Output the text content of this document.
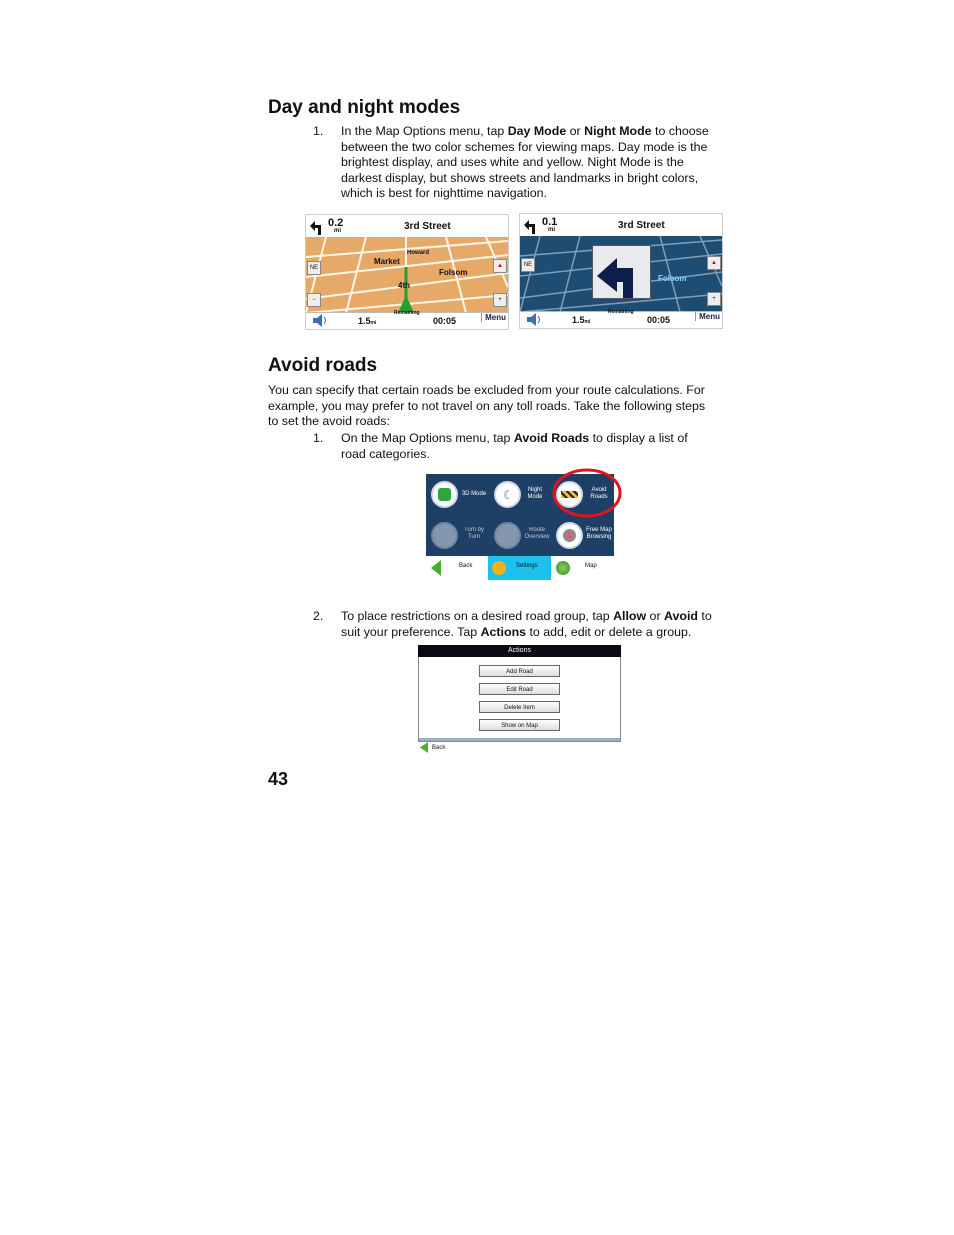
Day and night modes
1. In the Map Options menu, tap Day Mode or Night Mode to choose between the two color schemes for viewing maps. Day mode is the brightest display, and uses white and yellow. Night Mode is the darkest display, but shows streets and landmarks in bright colors, which is best for nighttime navigation.
0.2
mi	3rd Street
Market
Howard
Folsom
4th
NE	▲
+
−
Remaining
1.5mi	00:05	Menu
0.1
mi	3rd Street
Folsom
NE	▲
+
Remaining
1.5mi	00:05	Menu
Avoid roads
You can specify that certain roads be excluded from your route calculations. For example, you may prefer to not travel on any toll roads. Take the following steps to set the avoid roads:
1. On the Map Options menu, tap Avoid Roads to display a list of road categories.
3D Mode ☾	Night
Mode
Avoid
Roads
Turn by
Turn
Route
Overview
Free Map
Browsing
Back	Settings	Map
2. To place restrictions on a desired road group, tap Allow or Avoid to suit your preference. Tap Actions to add, edit or delete a group.
Actions
Add Road
Edit Road
Delete Item
Show on Map
Back
43
